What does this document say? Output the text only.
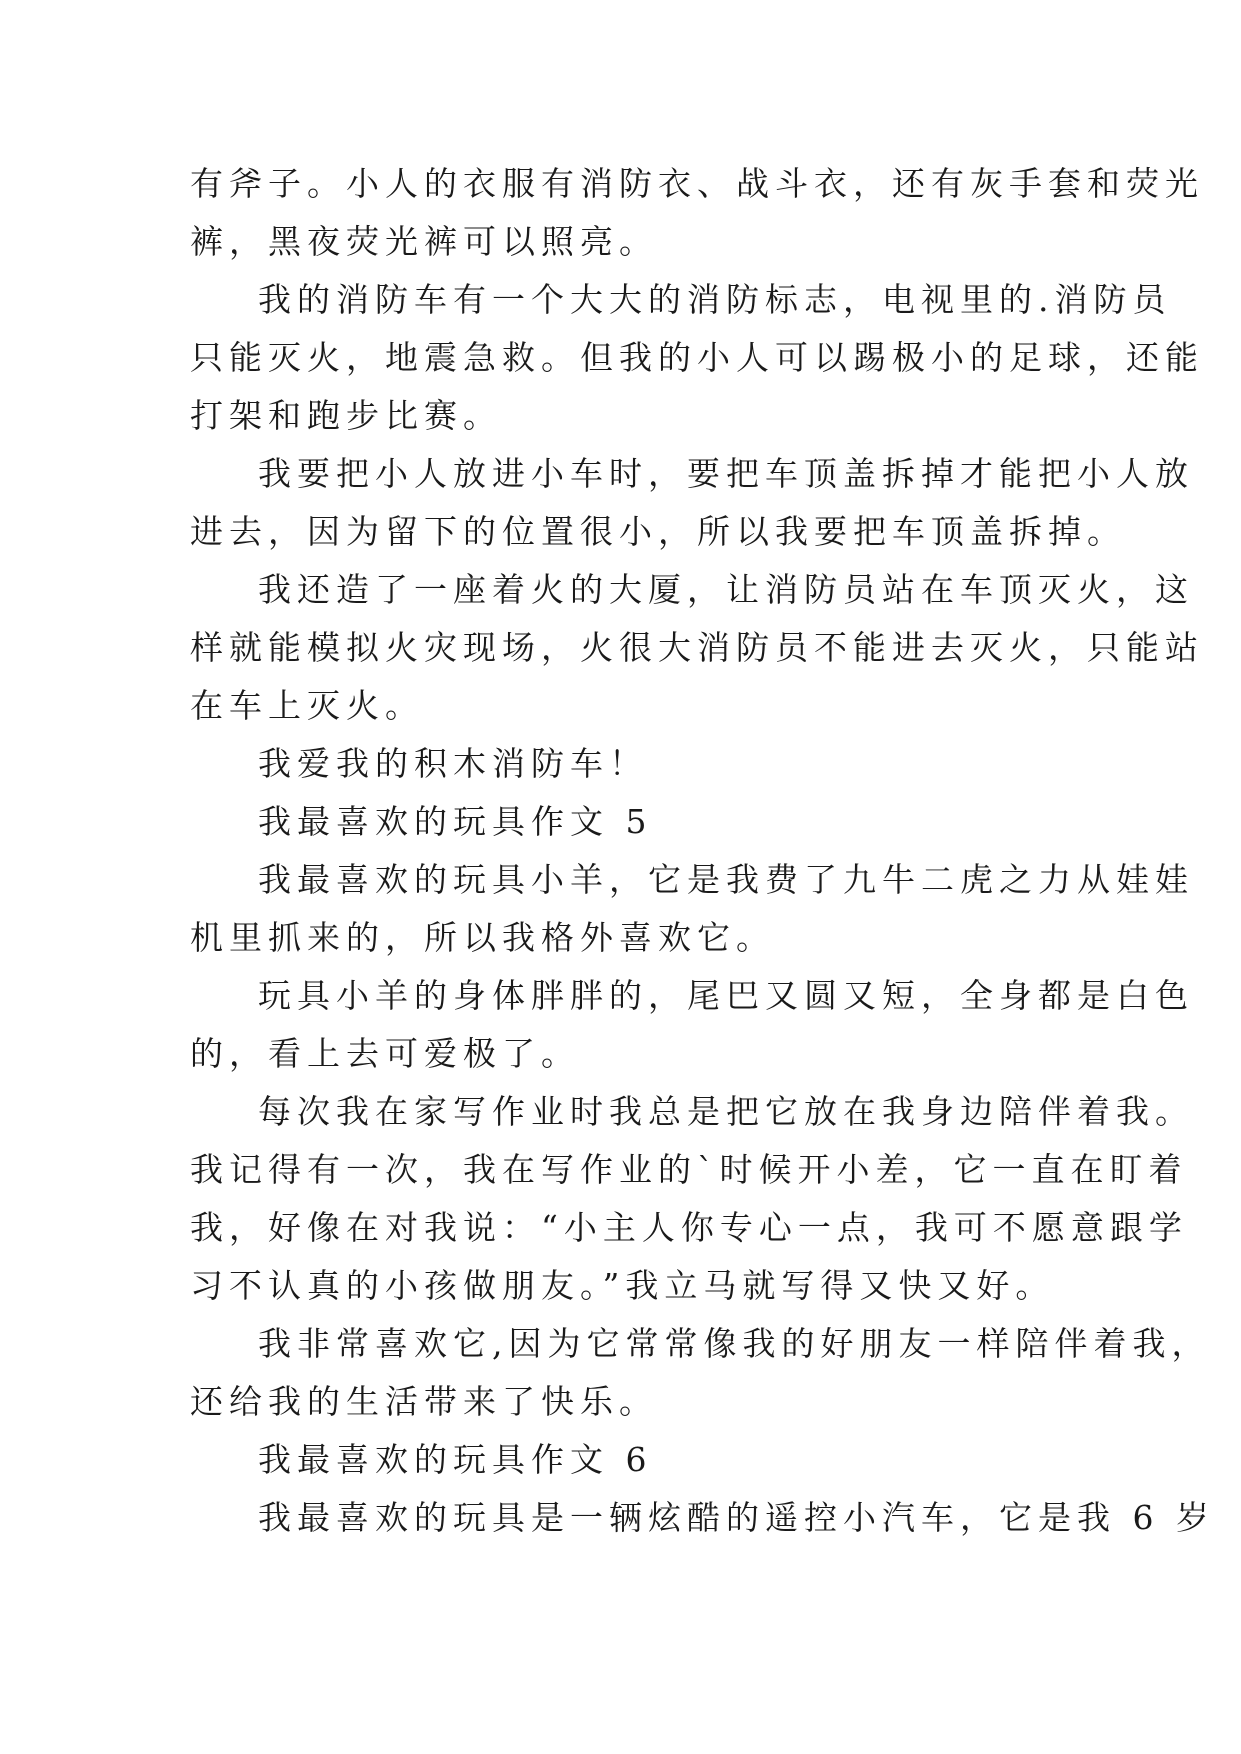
有斧子。小人的衣服有消防衣、战斗衣，还有灰手套和荧光
裤，黑夜荧光裤可以照亮。
我的消防车有一个大大的消防标志，电视里的.消防员
只能灭火，地震急救。但我的小人可以踢极小的足球，还能
打架和跑步比赛。
我要把小人放进小车时，要把车顶盖拆掉才能把小人放
进去，因为留下的位置很小，所以我要把车顶盖拆掉。
我还造了一座着火的大厦，让消防员站在车顶灭火，这
样就能模拟火灾现场，火很大消防员不能进去灭火，只能站
在车上灭火。
我爱我的积木消防车！
我最喜欢的玩具作文 5
我最喜欢的玩具小羊，它是我费了九牛二虎之力从娃娃
机里抓来的，所以我格外喜欢它。
玩具小羊的身体胖胖的，尾巴又圆又短，全身都是白色
的，看上去可爱极了。
每次我在家写作业时我总是把它放在我身边陪伴着我。
我记得有一次，我在写作业的`时候开小差，它一直在盯着
我，好像在对我说：“小主人你专心一点，我可不愿意跟学
习不认真的小孩做朋友。”我立马就写得又快又好。
我非常喜欢它,因为它常常像我的好朋友一样陪伴着我，
还给我的生活带来了快乐。
我最喜欢的玩具作文 6
我最喜欢的玩具是一辆炫酷的遥控小汽车，它是我 6 岁
